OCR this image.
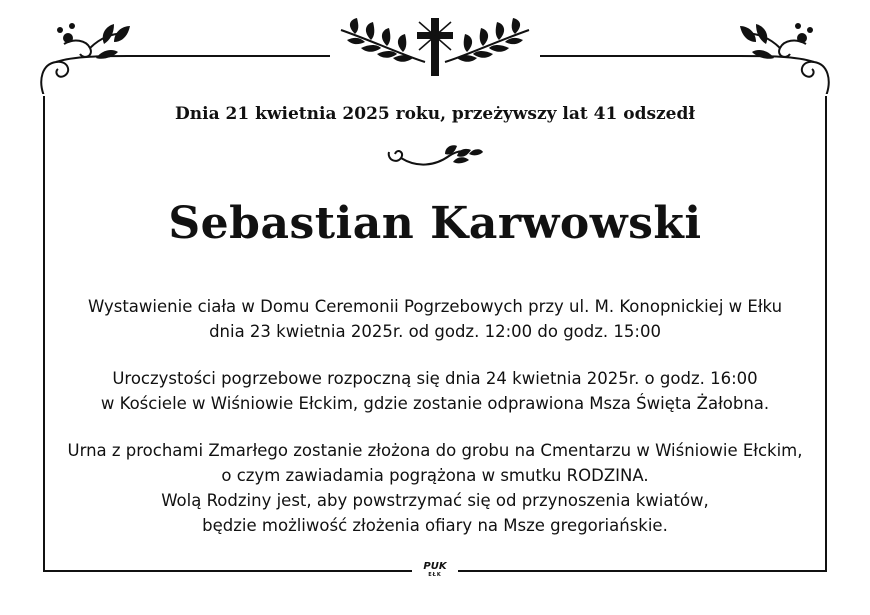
Dnia 21 kwietnia 2025 roku, przeżywszy lat 41 odszedł
Sebastian Karwowski
Wystawienie ciała w Domu Ceremonii Pogrzebowych przy ul. M. Konopnickiej w Ełku
dnia 23 kwietnia 2025r. od godz. 12:00 do godz. 15:00
Uroczystości pogrzebowe rozpoczną się dnia 24 kwietnia 2025r. o godz. 16:00
w Kościele w Wiśniowie Ełckim, gdzie zostanie odprawiona Msza Święta Żałobna.
Urna z prochami Zmarłego zostanie złożona do grobu na Cmentarzu w Wiśniowie Ełckim,
o czym zawiadamia pogrążona w smutku RODZINA.
Wolą Rodziny jest, aby powstrzymać się od przynoszenia kwiatów,
będzie możliwość złożenia ofiary na Msze gregoriańskie.
PUK
EŁK
